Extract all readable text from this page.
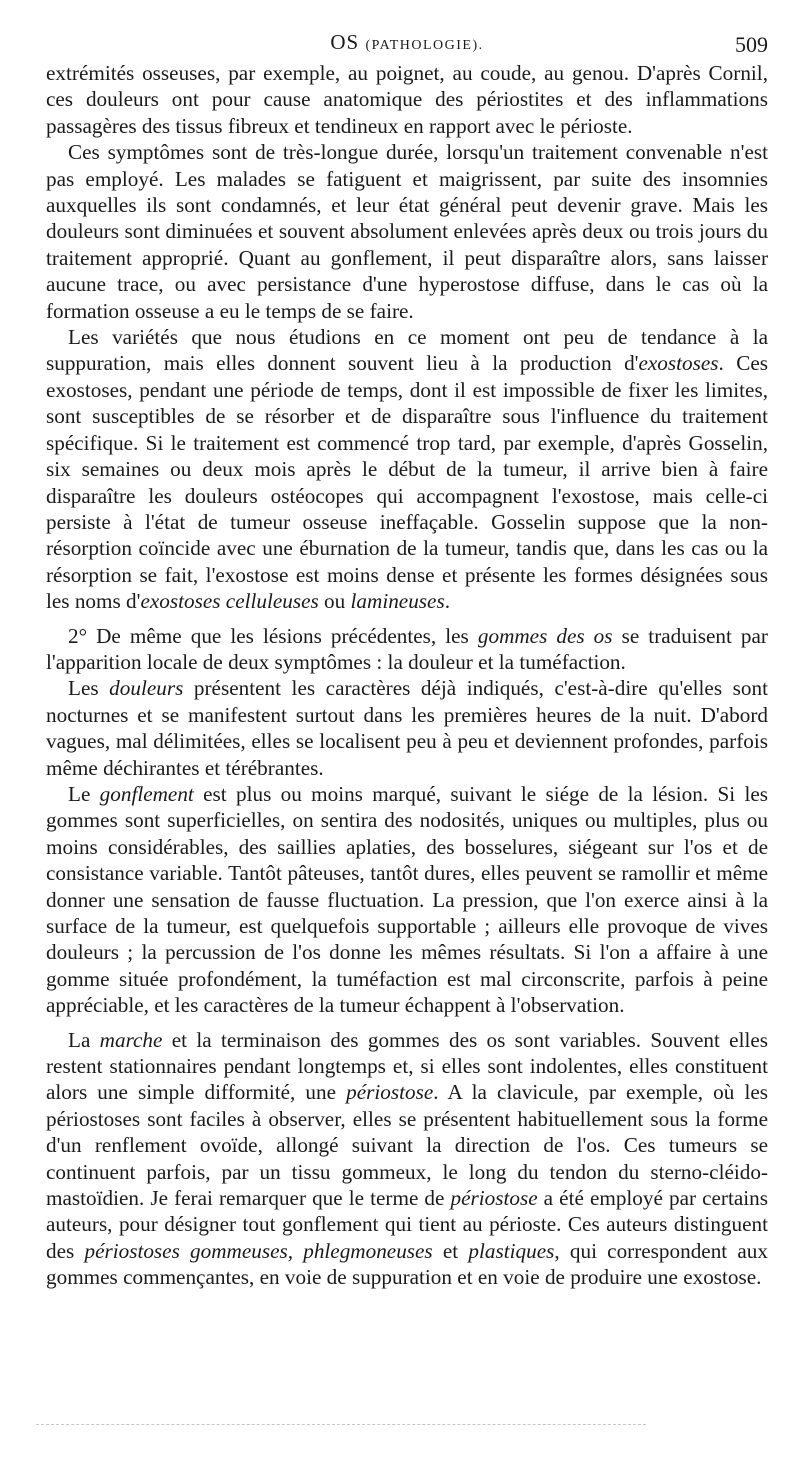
OS (PATHOLOGIE).	509

extrémités osseuses, par exemple, au poignet, au coude, au genou. D'après Cornil, ces douleurs ont pour cause anatomique des périostites et des inflammations passagères des tissus fibreux et tendineux en rapport avec le périoste.

Ces symptômes sont de très-longue durée, lorsqu'un traitement convenable n'est pas employé. Les malades se fatiguent et maigrissent, par suite des insomnies auxquelles ils sont condamnés, et leur état général peut devenir grave. Mais les douleurs sont diminuées et souvent absolument enlevées après deux ou trois jours du traitement approprié. Quant au gonflement, il peut disparaître alors, sans laisser aucune trace, ou avec persistance d'une hyperostose diffuse, dans le cas où la formation osseuse a eu le temps de se faire.

Les variétés que nous étudions en ce moment ont peu de tendance à la suppuration, mais elles donnent souvent lieu à la production d'exostoses. Ces exostoses, pendant une période de temps, dont il est impossible de fixer les limites, sont susceptibles de se résorber et de disparaître sous l'influence du traitement spécifique. Si le traitement est commencé trop tard, par exemple, d'après Gosselin, six semaines ou deux mois après le début de la tumeur, il arrive bien à faire disparaître les douleurs ostéocopes qui accompagnent l'exostose, mais celle-ci persiste à l'état de tumeur osseuse ineffaçable. Gosselin suppose que la non-résorption coïncide avec une éburnation de la tumeur, tandis que, dans les cas ou la résorption se fait, l'exostose est moins dense et présente les formes désignées sous les noms d'exostoses celluleuses ou lamineuses.

2° De même que les lésions précédentes, les gommes des os se traduisent par l'apparition locale de deux symptômes : la douleur et la tuméfaction.

Les douleurs présentent les caractères déjà indiqués, c'est-à-dire qu'elles sont nocturnes et se manifestent surtout dans les premières heures de la nuit. D'abord vagues, mal délimitées, elles se localisent peu à peu et deviennent profondes, parfois même déchirantes et térébrantes.

Le gonflement est plus ou moins marqué, suivant le siége de la lésion. Si les gommes sont superficielles, on sentira des nodosités, uniques ou multiples, plus ou moins considérables, des saillies aplaties, des bosselures, siégeant sur l'os et de consistance variable. Tantôt pâteuses, tantôt dures, elles peuvent se ramollir et même donner une sensation de fausse fluctuation. La pression, que l'on exerce ainsi à la surface de la tumeur, est quelquefois supportable ; ailleurs elle provoque de vives douleurs ; la percussion de l'os donne les mêmes résultats. Si l'on a affaire à une gomme située profondément, la tuméfaction est mal circonscrite, parfois à peine appréciable, et les caractères de la tumeur échappent à l'observation.

La marche et la terminaison des gommes des os sont variables. Souvent elles restent stationnaires pendant longtemps et, si elles sont indolentes, elles constituent alors une simple difformité, une périostose. A la clavicule, par exemple, où les périostoses sont faciles à observer, elles se présentent habituellement sous la forme d'un renflement ovoïde, allongé suivant la direction de l'os. Ces tumeurs se continuent parfois, par un tissu gommeux, le long du tendon du sterno-cléido-mastoïdien. Je ferai remarquer que le terme de périostose a été employé par certains auteurs, pour désigner tout gonflement qui tient au périoste. Ces auteurs distinguent des périostoses gommeuses, phlegmoneuses et plastiques, qui correspondent aux gommes commençantes, en voie de suppuration et en voie de produire une exostose.
